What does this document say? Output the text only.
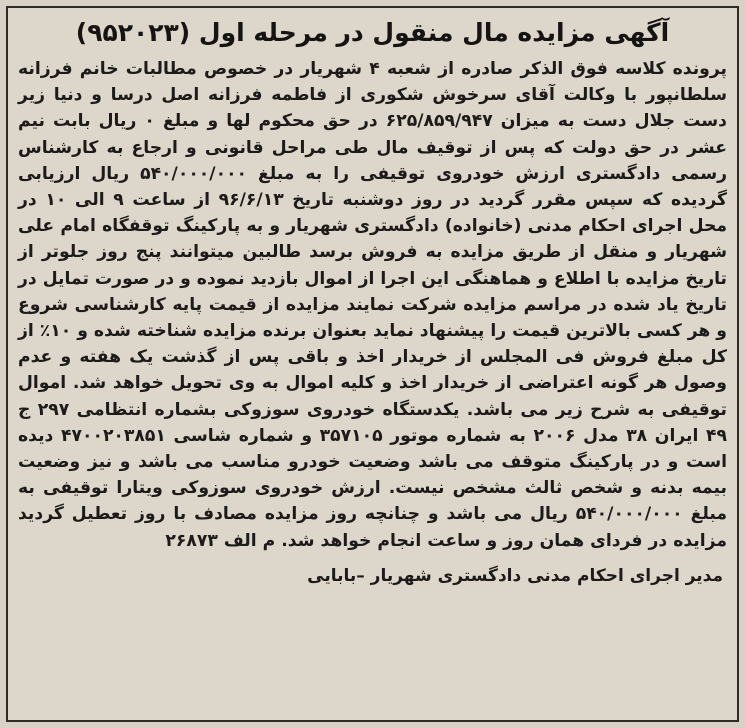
آگهی مزایده مال منقول در مرحله اول (۹۵۲۰۲۳)

پرونده کلاسه فوق الذکر صادره از شعبه ۴ شهریار در خصوص مطالبات خانم فرزانه سلطانپور با وکالت آقای سرخوش شکوری از فاطمه فرزانه اصل درسا و دنیا زیر دست جلال دست به میزان ۶۲۵/۸۵۹/۹۴۷ در حق محکوم لها و مبلغ ۰ ریال بابت نیم عشر در حق دولت که پس از توقیف مال طی مراحل قانونی و ارجاع به کارشناس رسمی دادگستری ارزش خودروی توقیفی را به مبلغ ۵۴۰/۰۰۰/۰۰۰ ریال ارزیابی گردیده که سپس مقرر گردید در روز دوشنبه تاریخ ۹۶/۶/۱۳ از ساعت ۹ الی ۱۰ در محل اجرای احکام مدنی (خانواده) دادگستری شهریار و به پارکینگ توقفگاه امام علی شهریار و منقل از طریق مزایده به فروش برسد طالبین میتوانند پنج روز جلوتر از تاریخ مزایده با اطلاع و هماهنگی این اجرا از اموال بازدید نموده و در صورت تمایل در تاریخ یاد شده در مراسم مزایده شرکت نمایند مزایده از قیمت پایه کارشناسی شروع و هر کسی بالاترین قیمت را پیشنهاد نماید بعنوان برنده مزایده شناخته شده و ۱۰٪ از کل مبلغ فروش فی المجلس از خریدار اخذ و باقی پس از گذشت یک هفته و عدم وصول هر گونه اعتراضی از خریدار اخذ و کلیه اموال به وی تحویل خواهد شد. اموال توقیفی به شرح زیر می باشد. یکدستگاه خودروی سوزوکی بشماره انتظامی ۲۹۷ ج ۴۹ ایران ۳۸ مدل ۲۰۰۶ به شماره موتور ۳۵۷۱۰۵ و شماره شاسی ۴۷۰۰۲۰۳۸۵۱ دیده است و در پارکینگ متوقف می باشد وضعیت خودرو مناسب می باشد و نیز وضعیت بیمه بدنه و شخص ثالث مشخص نیست. ارزش خودروی سوزوکی ویتارا توقیفی به مبلغ ۵۴۰/۰۰۰/۰۰۰ ریال می باشد و چنانچه روز مزایده مصادف با روز تعطیل گردید مزایده در فردای همان روز و ساعت انجام خواهد شد. م الف ۲۶۸۷۳

مدیر اجرای احکام مدنی دادگستری شهریار –بابایی
